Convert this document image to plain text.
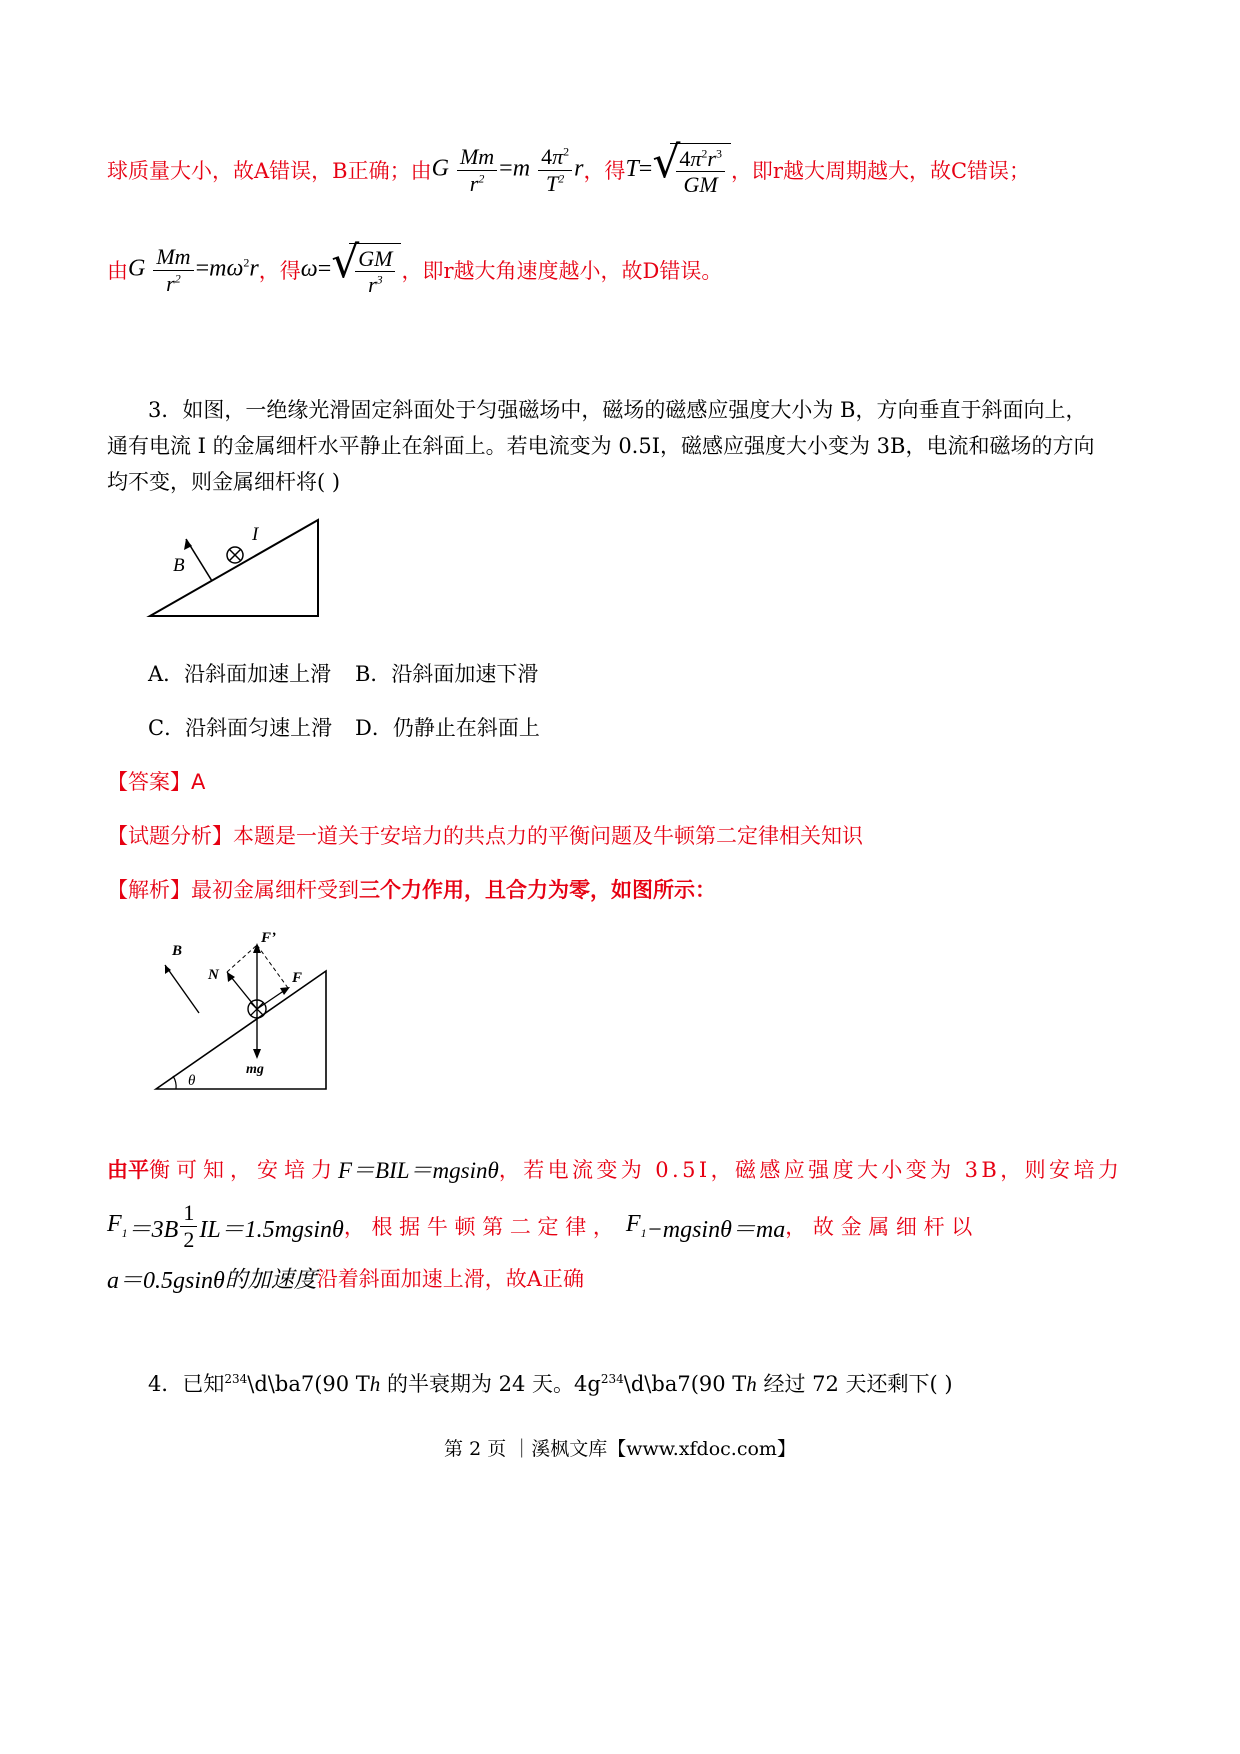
球质量大小，故A错误，B正确；由 G $\frac{Mm}{r^2} =m \frac{4\pi^2}{T^2}$ r ，得 T= √
$\frac{4\pi^2r^3}{GM}$ ，即r越大周期越大，故C错误；
由 G $\frac{Mm}{r^2} =m\omega^2r$ ，得 ω= √
$\frac{GM}{r^3}$ ，即r越大角速度越小，故D错误。
3．如图，一绝缘光滑固定斜面处于匀强磁场中，磁场的磁感应强度大小为 B，方向垂直于斜面向上，
通有电流 I 的金属细杆水平静止在斜面上。若电流变为 0.5I，磁感应强度大小变为 3B，电流和磁场的方向
均不变，则金属细杆将( )
B
I
A．沿斜面加速上滑 B．沿斜面加速下滑
C．沿斜面匀速上滑 D．仍静止在斜面上
【答案】A
【试题分析】本题是一道关于安培力的共点力的平衡问题及牛顿第二定律相关知识
【解析】最初金属细杆受到三个力作用，且合力为零，如图所示：
θ
B
F’
mg
N	F
由平 衡可知，安培力 F＝BIL＝mgsinθ ，若电流变为 0.5I，磁感应强度大小变为 3B，则安培力
$F_1 =3B \frac{1}{2} IL=1.5mgsin\theta$ ， 根 据 牛 顿 第 二 定 律 ， $F_1 -mgsin\theta=ma$ ， 故 金 属 细 杆 以
a＝0.5gsinθ 的加速度 沿着斜面加速上滑，故A正确
4．已知$^{234}$\d\ba7(90 Th 的半衰期为 24 天。$4g^{234}\backslash d\backslash ba7(90$ Th 经过 72 天还剩下( )
第 2 页 ｜溪枫文库【www.xfdoc.com】
